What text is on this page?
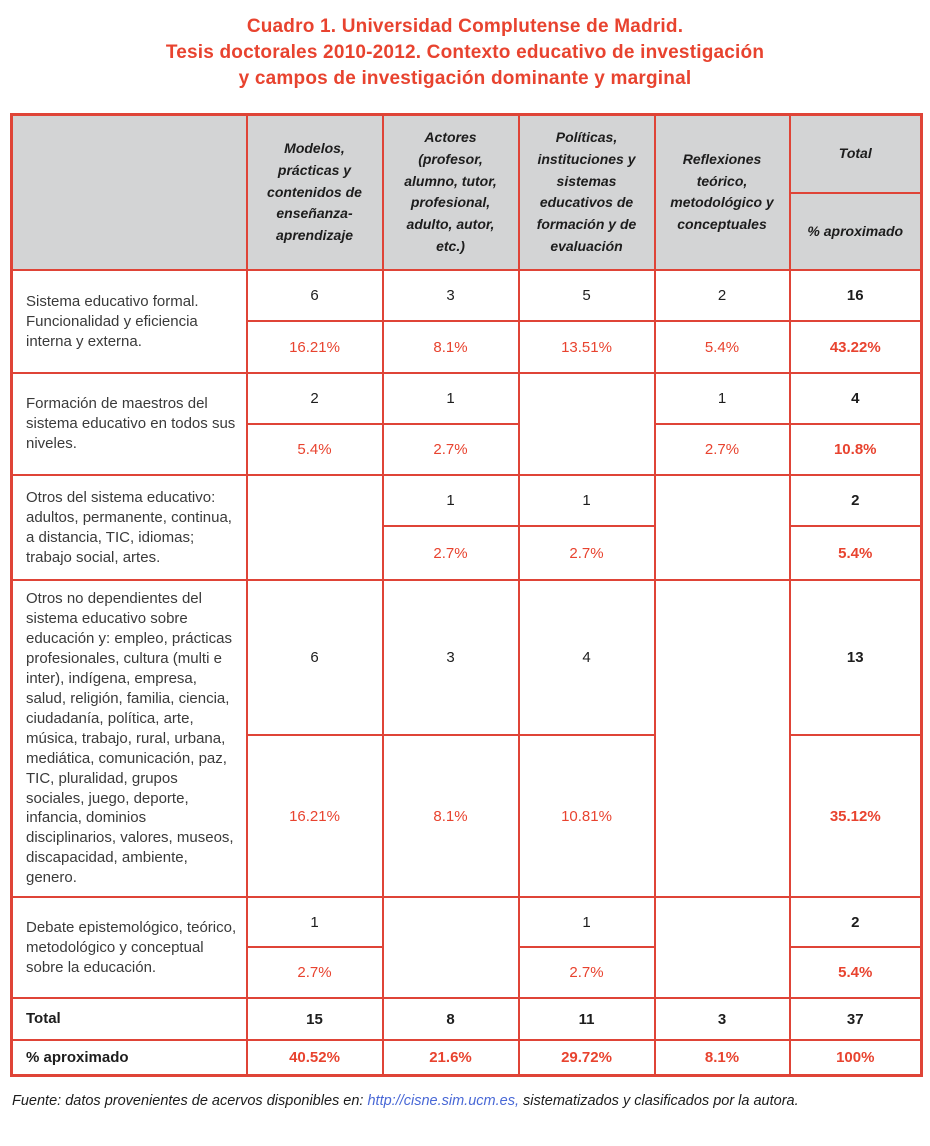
Cuadro 1. Universidad Complutense de Madrid.
Tesis doctorales 2010-2012. Contexto educativo de investigación
y campos de investigación dominante y marginal
	Modelos, prácticas y contenidos de enseñanza-aprendizaje	Actores (profesor, alumno, tutor, profesional, adulto, autor, etc.)	Políticas, instituciones y sistemas educativos de formación y de evaluación	Reflexiones teórico, metodológico y conceptuales	Total
					% aproximado
Sistema educativo formal. Funcionalidad y eficiencia interna y externa.	6	3	5	2	16
	16.21%	8.1%	13.51%	5.4%	43.22%
Formación de maestros del sistema educativo en todos sus niveles.	2	1		1	4
	5.4%	2.7%		2.7%	10.8%
Otros del sistema educativo: adultos, permanente, continua, a distancia, TIC, idiomas; trabajo social, artes.		1	1		2
		2.7%	2.7%		5.4%
Otros no dependientes del sistema educativo sobre educación y: empleo, prácticas profesionales, cultura (multi e inter), indígena, empresa, salud, religión, familia, ciencia, ciudadanía, política, arte, música, trabajo, rural, urbana, mediática, comunicación, paz, TIC, pluralidad, grupos sociales, juego, deporte, infancia, dominios disciplinarios, valores, museos, discapacidad, ambiente, genero.	6	3	4		13
	16.21%	8.1%	10.81%		35.12%
Debate epistemológico, teórico, metodológico y conceptual sobre la educación.	1		1		2
	2.7%		2.7%		5.4%
Total	15	8	11	3	37
% aproximado	40.52%	21.6%	29.72%	8.1%	100%
Fuente: datos provenientes de acervos disponibles en: http://cisne.sim.ucm.es, sistematizados y clasificados por la autora.
